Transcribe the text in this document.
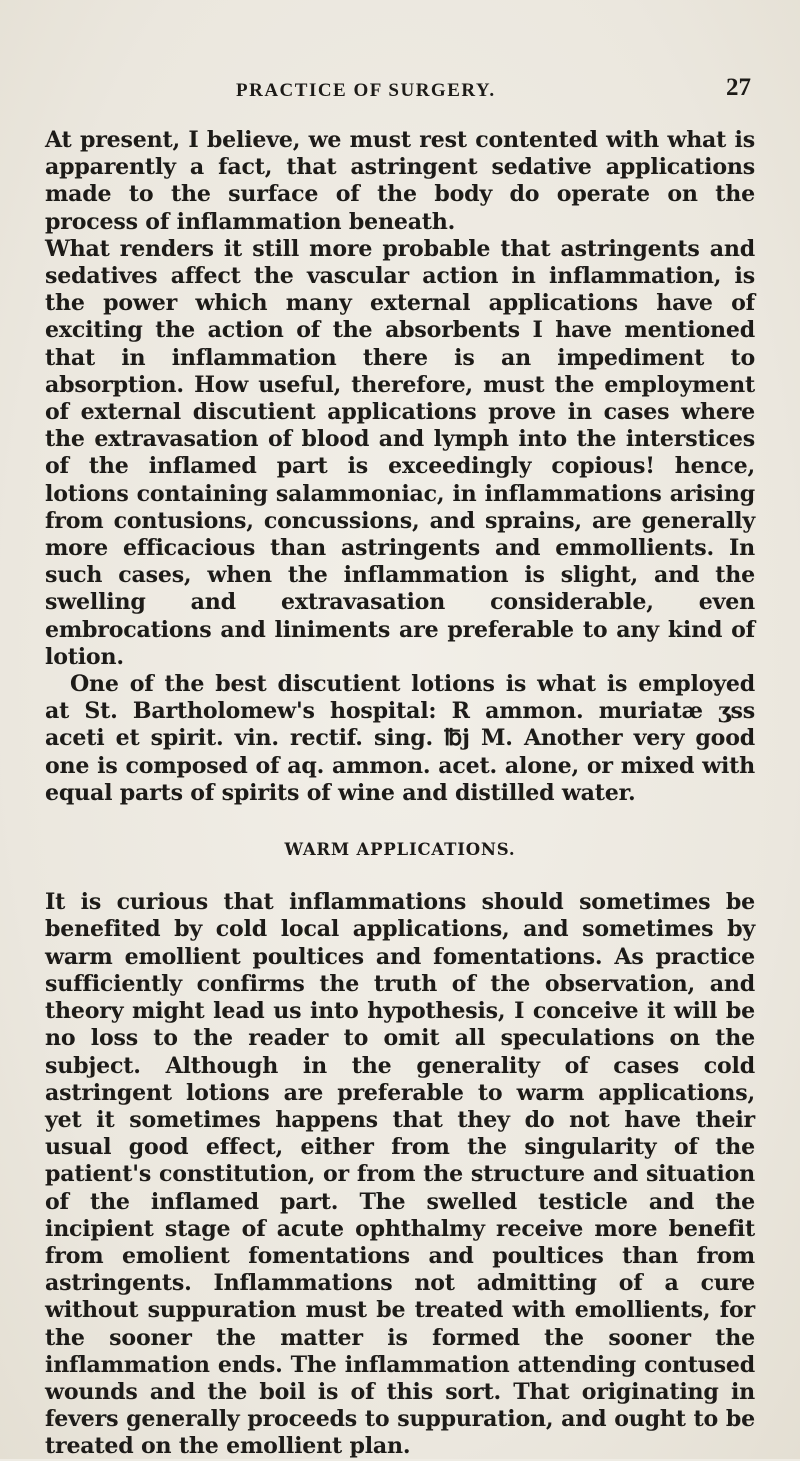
PRACTICE OF SURGERY.	27

At present, I believe, we must rest contented with what is apparently a fact, that astringent sedative applications made to the surface of the body do operate on the process of inflammation beneath.

What renders it still more probable that astringents and sedatives affect the vascular action in inflammation, is the power which many external applications have of exciting the action of the absorbents I have mentioned that in inflammation there is an impediment to absorption. How useful, therefore, must the employment of external discutient applications prove in cases where the extravasation of blood and lymph into the interstices of the inflamed part is exceedingly copious! hence, lotions containing salammoniac, in inflammations arising from contusions, concussions, and sprains, are generally more efficacious than astringents and emmollients. In such cases, when the inflammation is slight, and the swelling and extravasation considerable, even embrocations and liniments are preferable to any kind of lotion.

One of the best discutient lotions is what is employed at St. Bartholomew's hospital: R ammon. muriatæ ʒss aceti et spirit. vin. rectif. sing. ℔j M. Another very good one is composed of aq. ammon. acet. alone, or mixed with equal parts of spirits of wine and distilled water.

WARM APPLICATIONS.

It is curious that inflammations should sometimes be benefited by cold local applications, and sometimes by warm emollient poultices and fomentations. As practice sufficiently confirms the truth of the observation, and theory might lead us into hypothesis, I conceive it will be no loss to the reader to omit all speculations on the subject. Although in the generality of cases cold astringent lotions are preferable to warm applications, yet it sometimes happens that they do not have their usual good effect, either from the singularity of the patient's constitution, or from the structure and situation of the inflamed part. The swelled testicle and the incipient stage of acute ophthalmy receive more benefit from emolient fomentations and poultices than from astringents. Inflammations not admitting of a cure without suppuration must be treated with emollients, for the sooner the matter is formed the sooner the inflammation ends. The inflammation attending contused wounds and the boil is of this sort. That originating in fevers generally proceeds to suppuration, and ought to be treated on the emollient plan.
